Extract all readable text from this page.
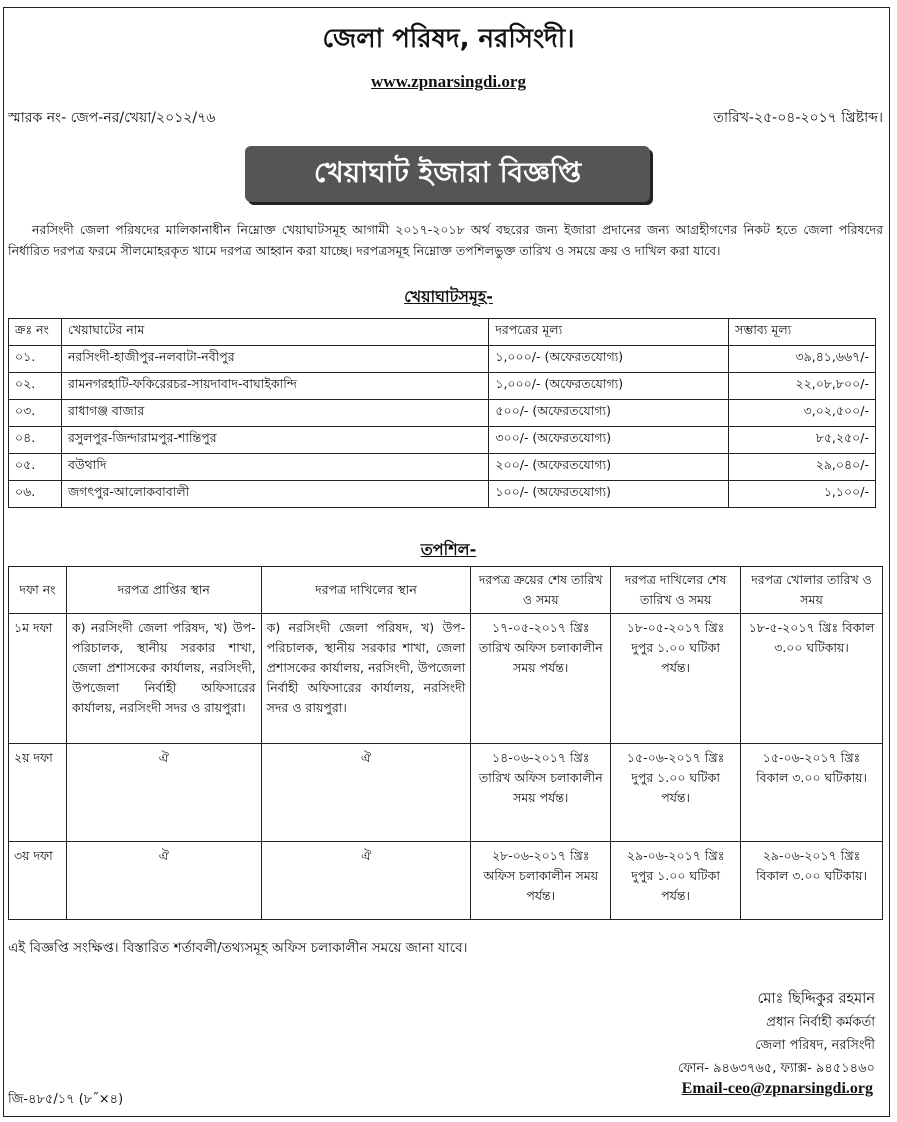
জেলা পরিষদ, নরসিংদী।
www.zpnarsingdi.org
স্মারক নং- জেপ-নর/খেয়া/২০১২/৭৬	তারিখ-২৫-০৪-২০১৭ খ্রিষ্টাব্দ।
খেয়াঘাট ইজারা বিজ্ঞপ্তি
নরসিংদী জেলা পরিষদের মালিকানাধীন নিম্নোক্ত খেয়াঘাটসমূহ আগামী ২০১৭-২০১৮ অর্থ বছরের জন্য ইজারা প্রদানের জন্য আগ্রহীগণের নিকট হতে জেলা পরিষদের নির্ধারিত দরপত্র ফরমে সীলমোহরকৃত খামে দরপত্র আহ্বান করা যাচ্ছে। দরপত্রসমূহ নিম্নোক্ত তপশিলভুক্ত তারিখ ও সময়ে ক্রয় ও দাখিল করা যাবে।
খেয়াঘাটসমূহ-
ক্রঃ নং	খেয়াঘাটের নাম	দরপত্রের মূল্য	সম্ভাব্য মূল্য
০১.	নরসিংদী-হাজীপুর-নলবাটা-নবীপুর	১,০০০/- (অফেরতযোগ্য)	৩৯,৪১,৬৬৭/-
০২.	রামনগরহাটি-ফকিরেরচর-সায়দাবাদ-বাঘাইকান্দি	১,০০০/- (অফেরতযোগ্য)	২২,০৮,৮০০/-
০৩.	রাধাগঞ্জ বাজার	৫০০/- (অফেরতযোগ্য)	৩,০২,৫০০/-
০৪.	রসুলপুর-জিন্দারামপুর-শান্তিপুর	৩০০/- (অফেরতযোগ্য)	৮৫,২৫০/-
০৫.	বউথাদি	২০০/- (অফেরতযোগ্য)	২৯,০৪০/-
০৬.	জগৎপুর-আলোকবাবালী	১০০/- (অফেরতযোগ্য)	১,১০০/-
তপশিল-
দফা নং	দরপত্র প্রাপ্তির স্থান	দরপত্র দাখিলের স্থান	দরপত্র ক্রয়ের শেষ তারিখ ও সময়	দরপত্র দাখিলের শেষ তারিখ ও সময়	দরপত্র খোলার তারিখ ও সময়
১ম দফা	ক) নরসিংদী জেলা পরিষদ, খ) উপ-পরিচালক, স্থানীয় সরকার শাখা, জেলা প্রশাসকের কার্যালয়, নরসিংদী, উপজেলা নির্বাহী অফিসারের কার্যালয়, নরসিংদী সদর ও রায়পুরা।	ক) নরসিংদী জেলা পরিষদ, খ) উপ-পরিচালক, স্থানীয় সরকার শাখা, জেলা প্রশাসকের কার্যালয়, নরসিংদী, উপজেলা নির্বাহী অফিসারের কার্যালয়, নরসিংদী সদর ও রায়পুরা।	১৭-০৫-২০১৭ খ্রিঃ তারিখ অফিস চলাকালীন সময় পর্যন্ত।	১৮-০৫-২০১৭ খ্রিঃ দুপুর ১.০০ ঘটিকা পর্যন্ত।	১৮-৫-২০১৭ খ্রিঃ বিকাল ৩.০০ ঘটিকায়।
২য় দফা	ঐ	ঐ	১৪-০৬-২০১৭ খ্রিঃ তারিখ অফিস চলাকালীন সময় পর্যন্ত।	১৫-০৬-২০১৭ খ্রিঃ দুপুর ১.০০ ঘটিকা পর্যন্ত।	১৫-০৬-২০১৭ খ্রিঃ বিকাল ৩.০০ ঘটিকায়।
৩য় দফা	ঐ	ঐ	২৮-০৬-২০১৭ খ্রিঃ অফিস চলাকালীন সময় পর্যন্ত।	২৯-০৬-২০১৭ খ্রিঃ দুপুর ১.০০ ঘটিকা পর্যন্ত।	২৯-০৬-২০১৭ খ্রিঃ বিকাল ৩.০০ ঘটিকায়।
এই বিজ্ঞপ্তি সংক্ষিপ্ত। বিস্তারিত শর্তাবলী/তথ্যসমূহ অফিস চলাকালীন সময়ে জানা যাবে।
মোঃ ছিদ্দিকুর রহমান
প্রধান নির্বাহী কর্মকর্তা
জেলা পরিষদ, নরসিংদী
ফোন- ৯৪৬৩৭৬৫, ফ্যাক্স- ৯৪৫১৪৬০
Email-ceo@zpnarsingdi.org
জি-৪৮৫/১৭ (৮˝×৪)
